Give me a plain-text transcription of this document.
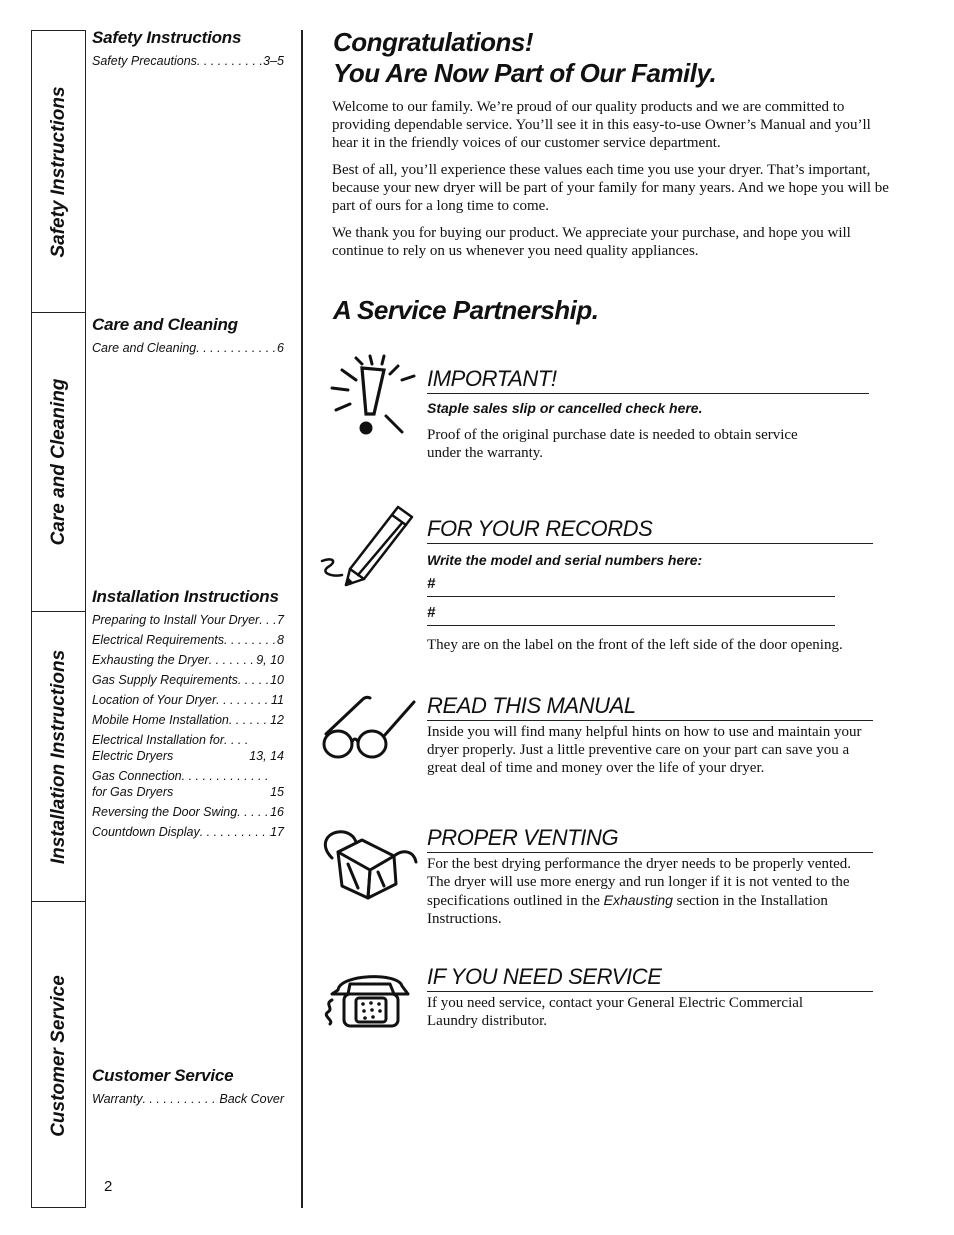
Safety Instructions
Care and Cleaning
Installation Instructions
Customer Service
Safety Instructions
Safety Precautions . . .	3–5
Care and Cleaning
Care and Cleaning . . .	6
Installation Instructions
Preparing to Install Your Dryer . . . 7
Electrical Requirements . . .	8
Exhausting the Dryer . . .	9, 10
Gas Supply Requirements . . .	10
Location of Your Dryer . . .	11
Mobile Home Installation . . .	12
Electrical Installation for
Electric Dryers . . .	13, 14
Gas Connection
for Gas Dryers . . .	15
Reversing the Door Swing . . .	16
Countdown Display . . .	17
Customer Service
Warranty . . .	Back Cover
2
Congratulations!
You Are Now Part of Our Family.

Welcome to our family. We’re proud of our quality products and we are committed to providing dependable service. You’ll see it in this easy-to-use Owner’s Manual and you’ll hear it in the friendly voices of our customer service department.

Best of all, you’ll experience these values each time you use your dryer. That’s important, because your new dryer will be part of your family for many years. And we hope you will be part of ours for a long time to come.

We thank you for buying our product. We appreciate your purchase, and hope you will continue to rely on us whenever you need quality appliances.

A Service Partnership.
IMPORTANT!
Staple sales slip or cancelled check here.
Proof of the original purchase date is needed to obtain service under the warranty.
FOR YOUR RECORDS
Write the model and serial numbers here:
#
#
They are on the label on the front of the left side of the door opening.
READ THIS MANUAL
Inside you will find many helpful hints on how to use and maintain your dryer properly. Just a little preventive care on your part can save you a great deal of time and money over the life of your dryer.
PROPER VENTING
For the best drying performance the dryer needs to be properly vented. The dryer will use more energy and run longer if it is not vented to the specifications outlined in the Exhausting section in the Installation Instructions.
IF YOU NEED SERVICE
If you need service, contact your General Electric Commercial Laundry distributor.
